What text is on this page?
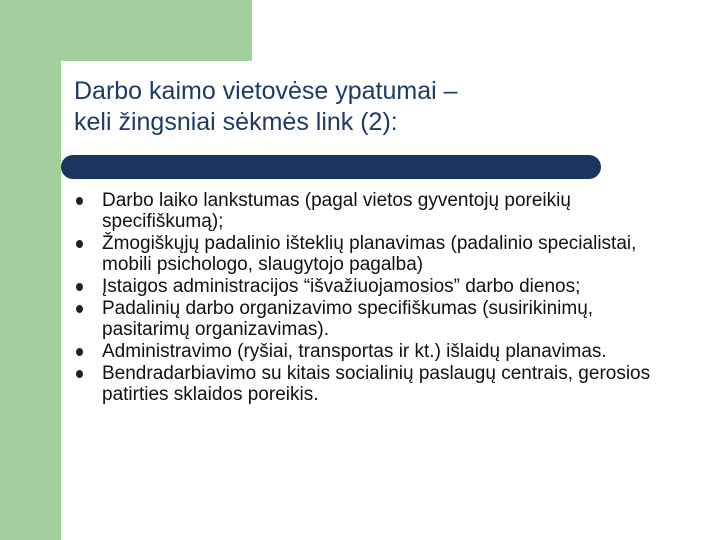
Darbo kaimo vietovėse ypatumai –
keli žingsniai sėkmės link (2):
Darbo laiko lankstumas (pagal vietos gyventojų poreikių specifiškumą);
Žmogiškųjų padalinio išteklių planavimas (padalinio specialistai, mobili psichologo, slaugytojo pagalba)
Įstaigos administracijos “išvažiuojamosios” darbo dienos;
Padalinių darbo organizavimo specifiškumas (susirikinimų, pasitarimų organizavimas).
Administravimo (ryšiai, transportas ir kt.) išlaidų planavimas.
Bendradarbiavimo su kitais socialinių paslaugų centrais, gerosios patirties sklaidos poreikis.
